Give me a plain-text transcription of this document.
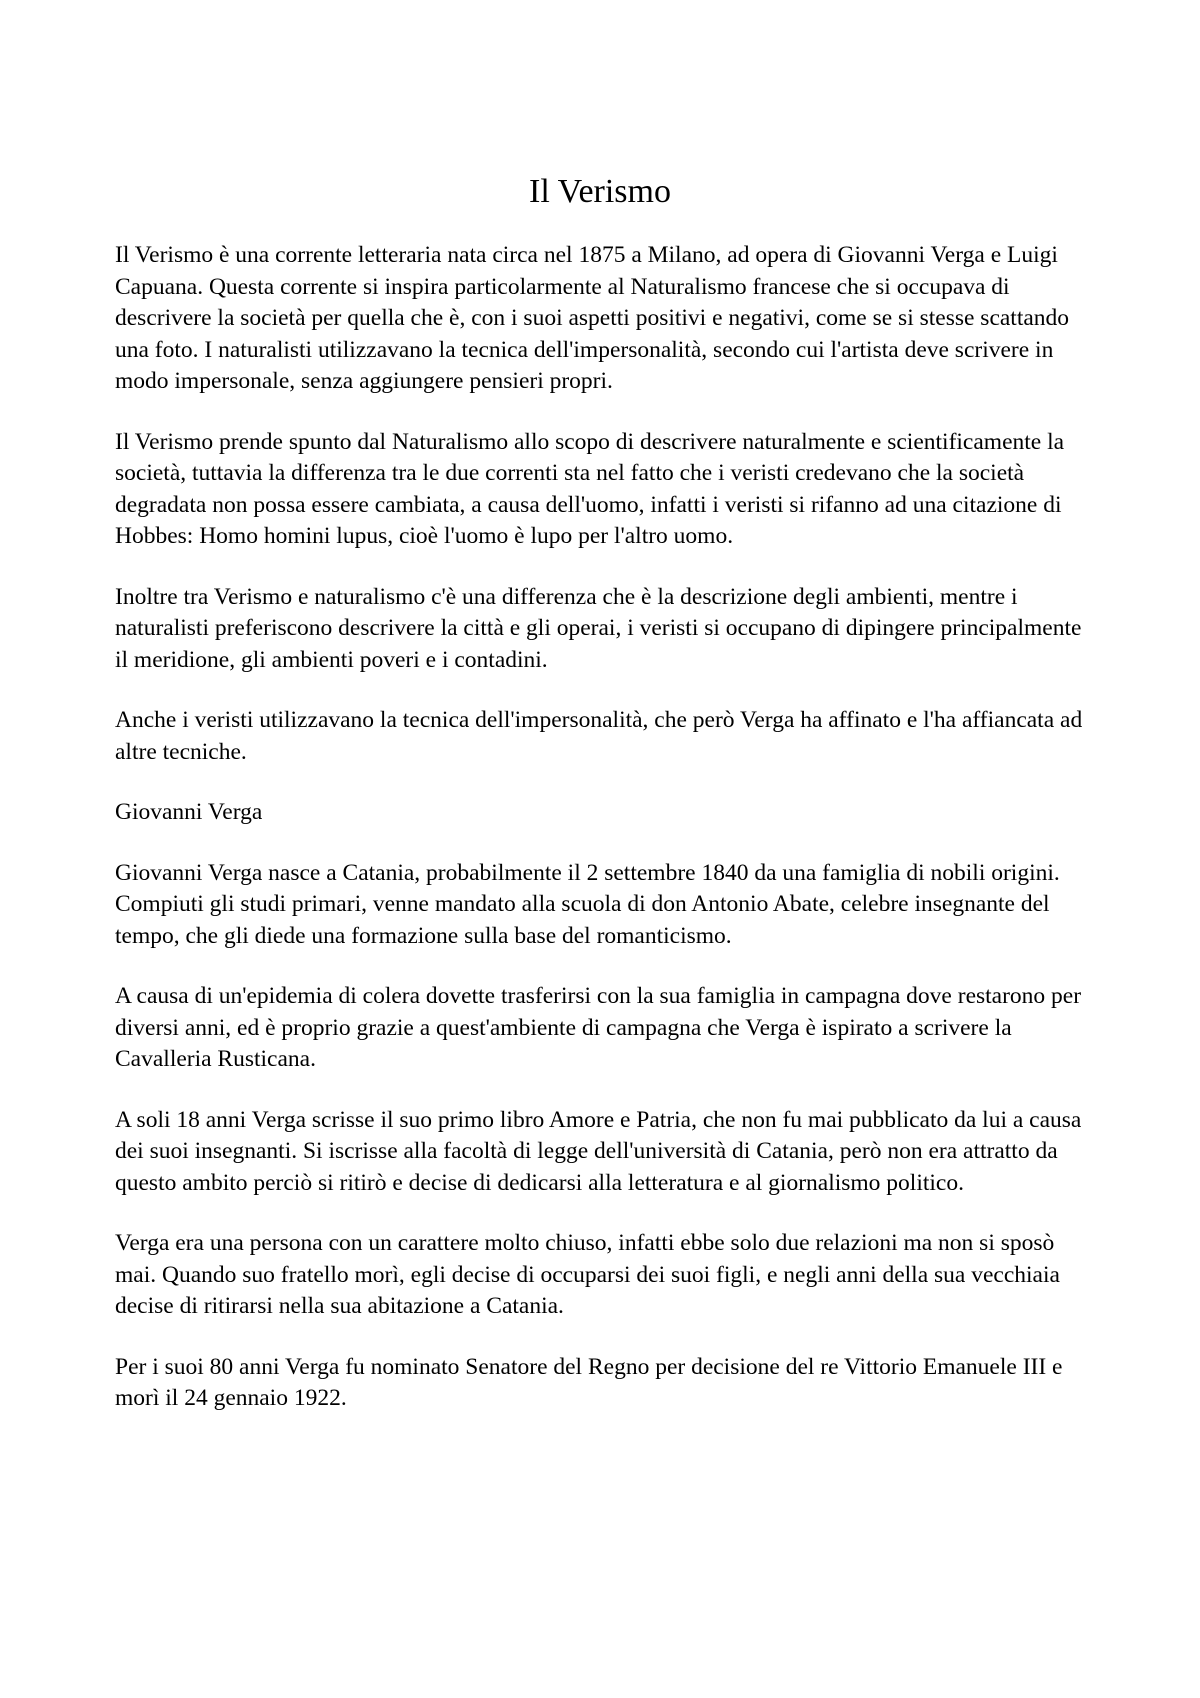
Il Verismo

Il Verismo è una corrente letteraria nata circa nel 1875 a Milano, ad opera di Giovanni Verga e Luigi Capuana. Questa corrente si inspira particolarmente al Naturalismo francese che si occupava di descrivere la società per quella che è, con i suoi aspetti positivi e negativi, come se si stesse scattando una foto. I naturalisti utilizzavano la tecnica dell'impersonalità, secondo cui l'artista deve scrivere in modo impersonale, senza aggiungere pensieri propri.

Il Verismo prende spunto dal Naturalismo allo scopo di descrivere naturalmente e scientificamente la società, tuttavia la differenza tra le due correnti sta nel fatto che i veristi credevano che la società degradata non possa essere cambiata, a causa dell'uomo, infatti i veristi si rifanno ad una citazione di Hobbes: Homo homini lupus, cioè l'uomo è lupo per l'altro uomo.

Inoltre tra Verismo e naturalismo c'è una differenza che è la descrizione degli ambienti, mentre i naturalisti preferiscono descrivere la città e gli operai, i veristi si occupano di dipingere principalmente il meridione, gli ambienti poveri e i contadini.

Anche i veristi utilizzavano la tecnica dell'impersonalità, che però Verga ha affinato e l'ha affiancata ad altre tecniche.

Giovanni Verga

Giovanni Verga nasce a Catania, probabilmente il 2 settembre 1840 da una famiglia di nobili origini. Compiuti gli studi primari, venne mandato alla scuola di don Antonio Abate, celebre insegnante del tempo, che gli diede una formazione sulla base del romanticismo.

A causa di un'epidemia di colera dovette trasferirsi con la sua famiglia in campagna dove restarono per diversi anni, ed è proprio grazie a quest'ambiente di campagna che Verga è ispirato a scrivere la Cavalleria Rusticana.

A soli 18 anni Verga scrisse il suo primo libro Amore e Patria, che non fu mai pubblicato da lui a causa dei suoi insegnanti. Si iscrisse alla facoltà di legge dell'università di Catania, però non era attratto da questo ambito perciò si ritirò e decise di dedicarsi alla letteratura e al giornalismo politico.

Verga era una persona con un carattere molto chiuso, infatti ebbe solo due relazioni ma non si sposò mai. Quando suo fratello morì, egli decise di occuparsi dei suoi figli, e negli anni della sua vecchiaia decise di ritirarsi nella sua abitazione a Catania.

Per i suoi 80 anni Verga fu nominato Senatore del Regno per decisione del re Vittorio Emanuele III e morì il 24 gennaio 1922.
